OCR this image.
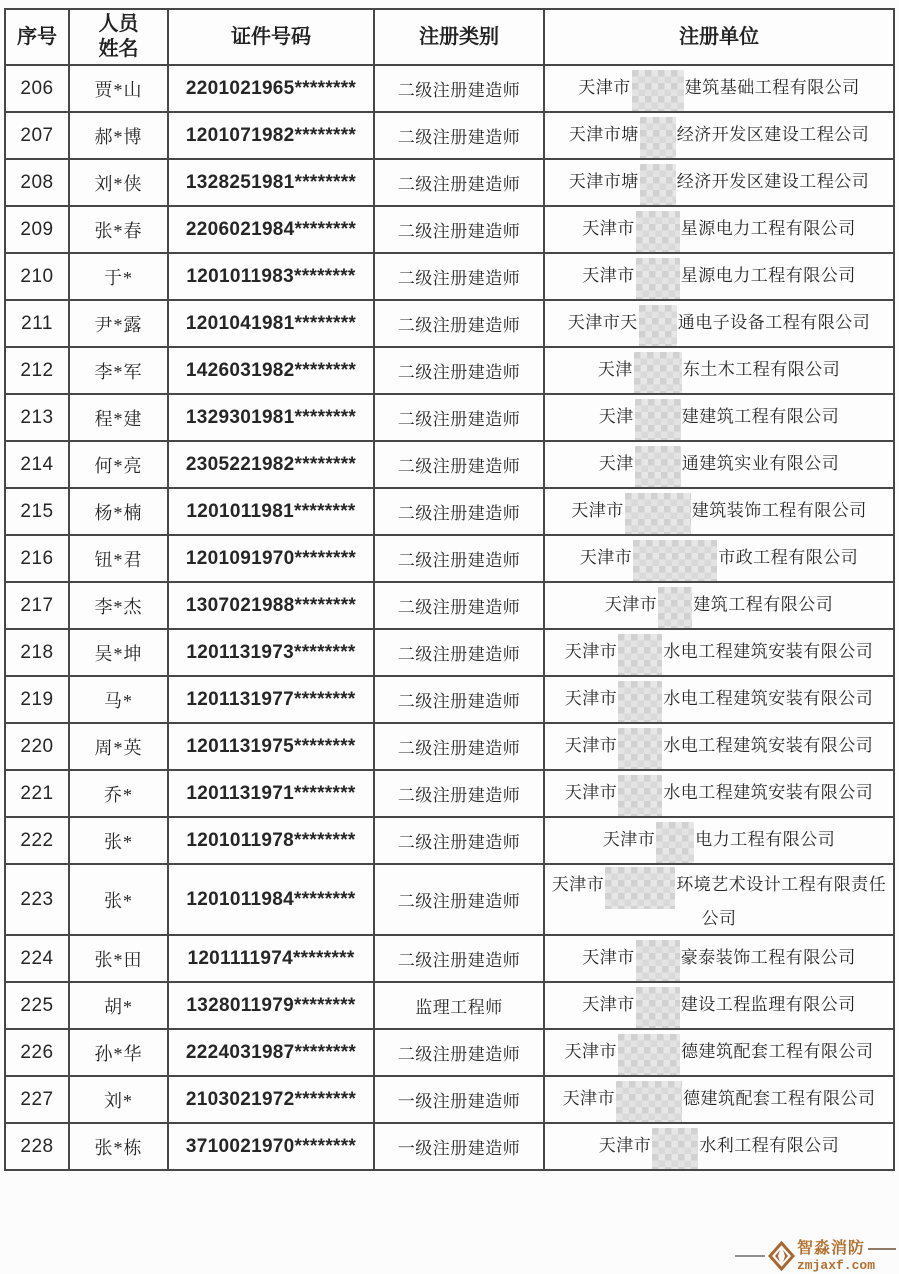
序号	人员姓名	证件号码	注册类别	注册单位
206	贾*山	2201021965********	二级注册建造师	天津市 建筑基础工程有限公司
207	郝*博	1201071982********	二级注册建造师	天津市塘 经济开发区建设工程公司
208	刘*侠	1328251981********	二级注册建造师	天津市塘 经济开发区建设工程公司
209	张*春	2206021984********	二级注册建造师	天津市 星源电力工程有限公司
210	于*	1201011983********	二级注册建造师	天津市 星源电力工程有限公司
211	尹*露	1201041981********	二级注册建造师	天津市天 通电子设备工程有限公司
212	李*军	1426031982********	二级注册建造师	天津 东土木工程有限公司
213	程*建	1329301981********	二级注册建造师	天津 建建筑工程有限公司
214	何*亮	2305221982********	二级注册建造师	天津 通建筑实业有限公司
215	杨*楠	1201011981********	二级注册建造师	天津市 建筑装饰工程有限公司
216	钮*君	1201091970********	二级注册建造师	天津市 市政工程有限公司
217	李*杰	1307021988********	二级注册建造师	天津市 建筑工程有限公司
218	吴*坤	1201131973********	二级注册建造师	天津市 水电工程建筑安装有限公司
219	马*	1201131977********	二级注册建造师	天津市 水电工程建筑安装有限公司
220	周*英	1201131975********	二级注册建造师	天津市 水电工程建筑安装有限公司
221	乔*	1201131971********	二级注册建造师	天津市 水电工程建筑安装有限公司
222	张*	1201011978********	二级注册建造师	天津市 电力工程有限公司
223	张*	1201011984********	二级注册建造师	天津市 环境艺术设计工程有限责任公司
224	张*田	1201111974********	二级注册建造师	天津市 豪泰装饰工程有限公司
225	胡*	1328011979********	监理工程师	天津市 建设工程监理有限公司
226	孙*华	2224031987********	二级注册建造师	天津市 德建筑配套工程有限公司
227	刘*	2103021972********	一级注册建造师	天津市 德建筑配套工程有限公司
228	张*栋	3710021970********	一级注册建造师	天津市 水利工程有限公司
智淼消防
zmjaxf.com
